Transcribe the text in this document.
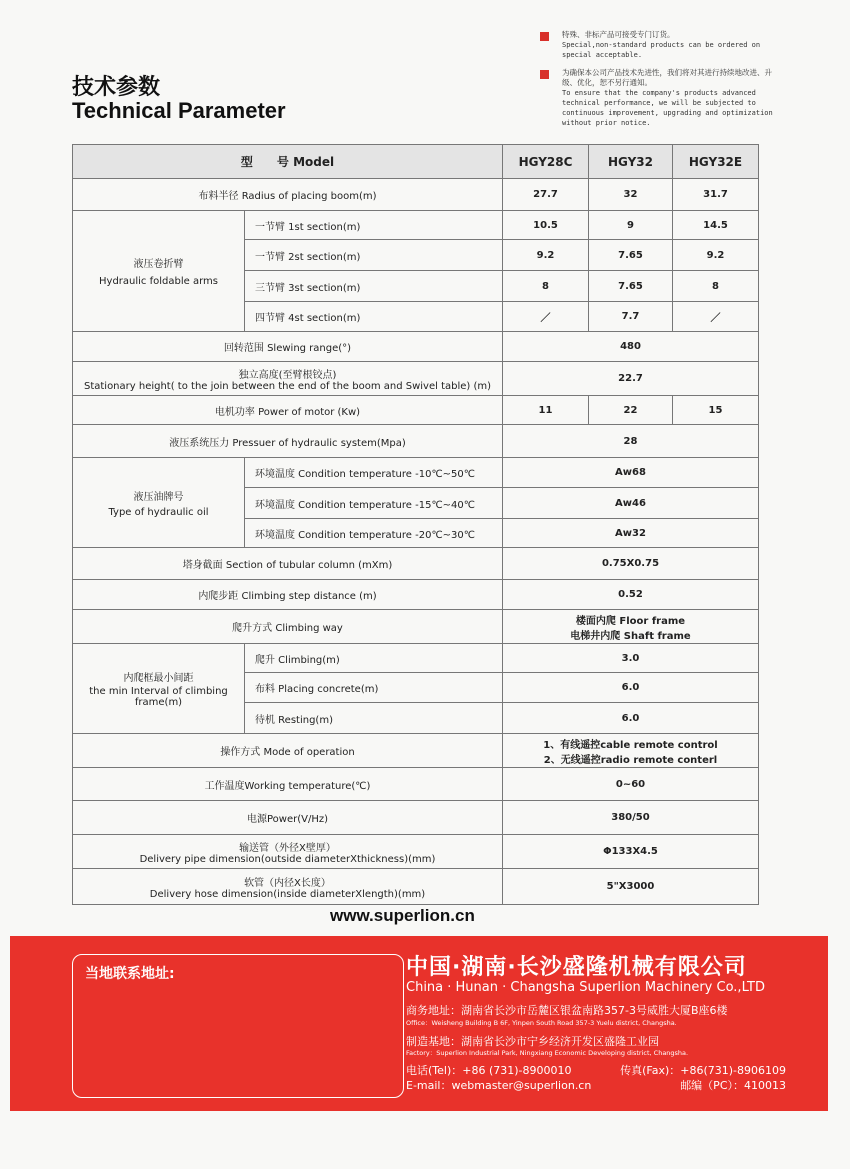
特殊、非标产品可接受专门订货。
Special,non-standard products can be ordered on special acceptable.
为确保本公司产品技术先进性，我们将对其进行持续地改进、升级、优化，恕不另行通知。
To ensure that the company's products advanced technical performance, we will be subjected to continuous improvement, upgrading and optimization without prior notice.
技术参数
Technical Parameter
型　　号 Model		HGY28C	HGY32	HGY32E
布料半径 Radius of placing boom(m)		27.7	32	31.7

液压卷折臂
Hydraulic foldable arms	一节臂 1st section(m)	10.5	9	14.5
	一节臂 2st section(m)	9.2	7.65	9.2
	三节臂 3st section(m)	8	7.65	8
	四节臂 4st section(m)	／	7.7	／
回转范围 Slewing range(°)		480		

独立高度(至臂根铰点)
Stationary height( to the join between the end of the boom and Swivel table) (m)		22.7		
电机功率 Power of motor (Kw)		11	22	15
液压系统压力 Pressuer of hydraulic system(Mpa)		28		

液压油牌号
Type of hydraulic oil	环境温度 Condition temperature -10℃~50℃	Aw68		
	环境温度 Condition temperature -15℃~40℃	Aw46		
	环境温度 Condition temperature -20℃~30℃	Aw32		
塔身截面 Section of tubular column (mXm)		0.75X0.75		
内爬步距 Climbing step distance (m)		0.52		
爬升方式 Climbing way		楼面内爬 Floor frame
电梯井内爬 Shaft frame		

内爬框最小间距
the min Interval of climbing frame(m)	爬升 Climbing(m)	3.0		
	布料 Placing concrete(m)	6.0		
	待机 Resting(m)	6.0		
操作方式 Mode of operation		1、有线遥控cable remote control
2、无线遥控radio remote conterl		

工作温度Working temperature(℃)		0~60		
电源Power(V/Hz)		380/50		

输送管（外径X壁厚）
Delivery pipe dimension(outside diameterXthickness)(mm)		Φ133X4.5		

软管（内径X长度）
Delivery hose dimension(inside diameterXlength)(mm)		5"X3000		
www.superlion.cn
当地联系地址:	中国·湖南·长沙盛隆机械有限公司
China · Hunan · Changsha Superlion Machinery Co.,LTD
商务地址：湖南省长沙市岳麓区银盆南路357-3号威胜大厦B座6楼
Office：Weisheng Building B 6F, Yinpen South Road 357-3 Yuelu district, Changsha.
制造基地：湖南省长沙市宁乡经济开发区盛隆工业园
Factory：Superlion Industrial Park, Ningxiang Economic Developing district, Changsha.
电话(Tel)：+86 (731)-8900010	传真(Fax)：+86(731)-8906109
E-mail：webmaster@superlion.cn	邮编（PC）：410013
